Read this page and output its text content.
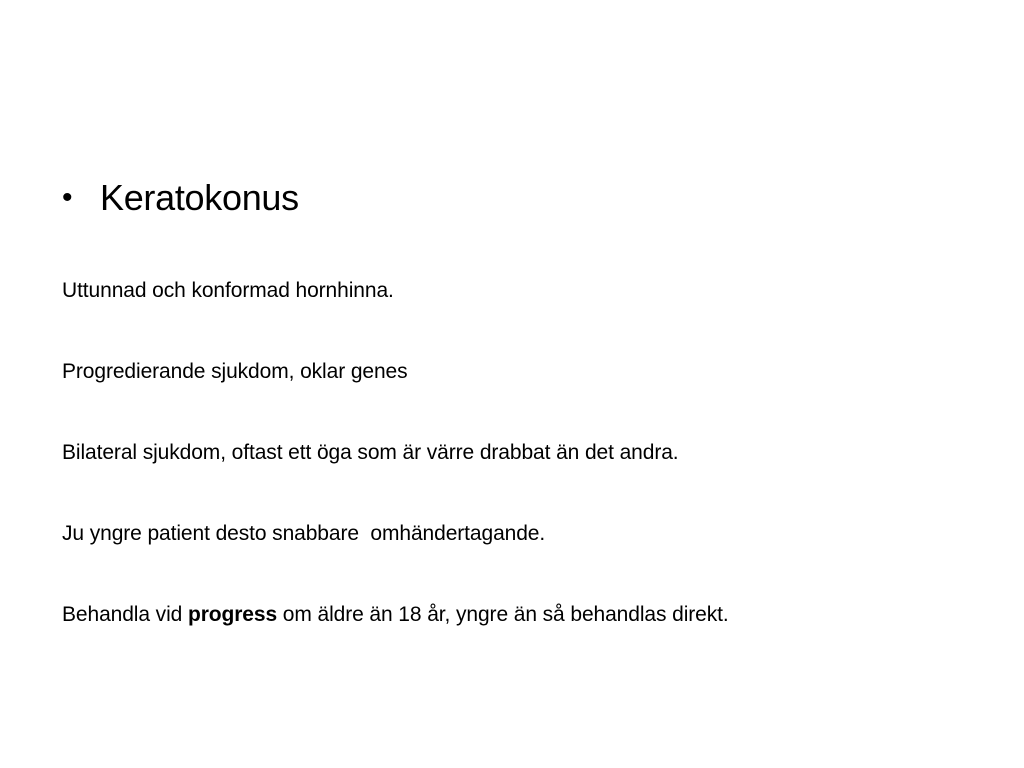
• Keratokonus
Uttunnad och konformad hornhinna.
Progredierande sjukdom, oklar genes
Bilateral sjukdom, oftast ett öga som är värre drabbat än det andra.
Ju yngre patient desto snabbare  omhändertagande.
Behandla vid progress om äldre än 18 år, yngre än så behandlas direkt.
